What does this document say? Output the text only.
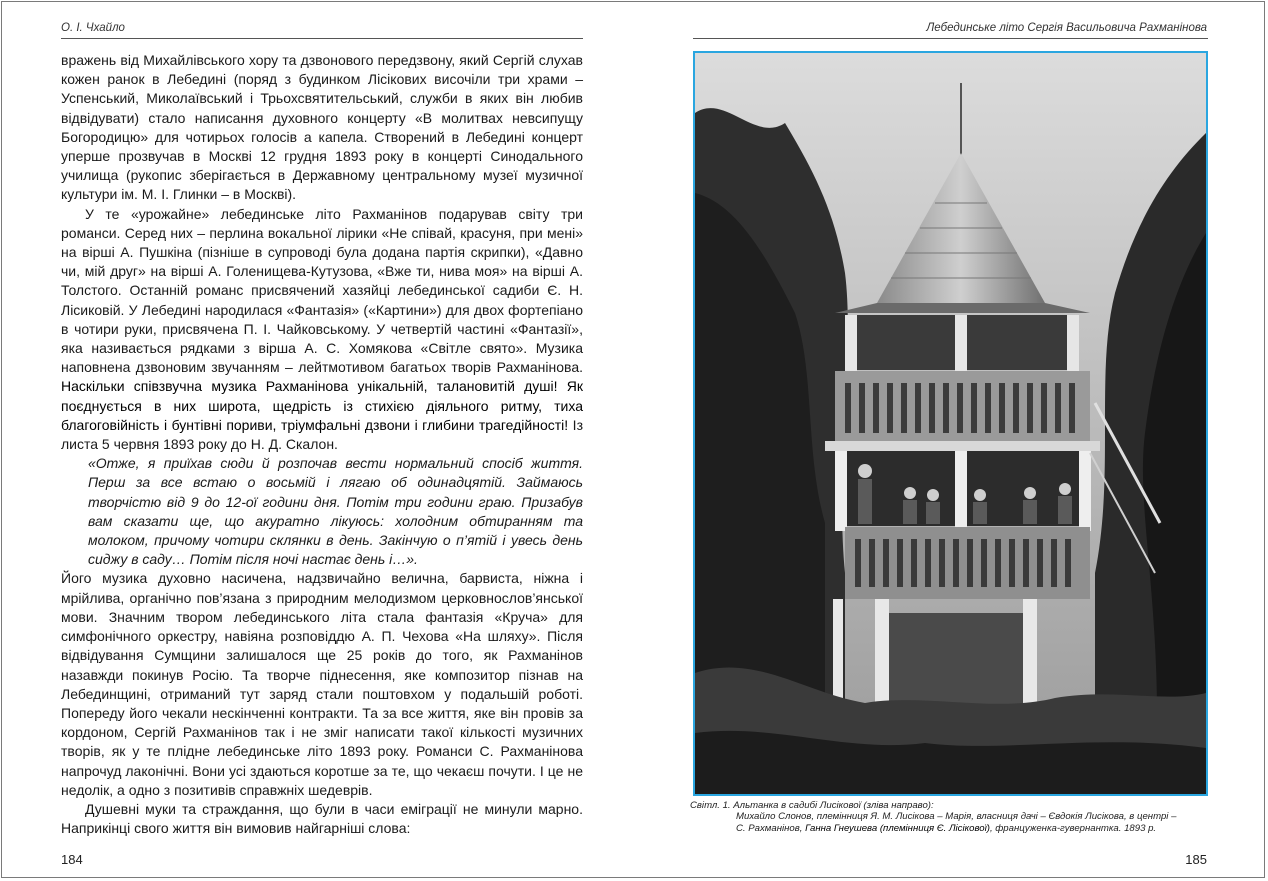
О. І. Чхайло

вражень від Михайлівського хору та дзвонового передзвону, який Сергій слухав кожен ранок в Лебедині (поряд з будинком Лісікових височіли три храми – Успенський, Миколаївський і Трьохсвятительський, служби в яких він любив відвідувати) стало написання духовного концерту «В молитвах невсипущу Богородицю» для чотирьох голосів а капела. Створений в Лебедині концерт уперше прозвучав в Москві 12 грудня 1893 року в концерті Синодального училища (рукопис зберігається в Державному центральному музеї музичної культури ім. М. І. Глинки – в Москві).

У те «урожайне» лебединське літо Рахманінов подарував світу три романси. Серед них – перлина вокальної лірики «Не співай, красуня, при мені» на вірші А. Пушкіна (пізніше в супроводі була додана партія скрипки), «Давно чи, мій друг» на вірші А. Голенищева-Кутузова, «Вже ти, нива моя» на вірші А. Толстого. Останній романс присвячений хазяйці лебединської садиби Є. Н. Лісиковій. У Лебедині народилася «Фантазія» («Картини») для двох фортепіано в чотири руки, присвячена П. І. Чайковському. У четвертій частині «Фантазії», яка називається рядками з вірша А. С. Хомякова «Світле свято». Музика наповнена дзвоновим звучанням – лейтмотивом багатьох творів Рахманінова. Наскільки співзвучна музика Рахманінова унікальній, талановитій душі! Як поєднується в них широта, щедрість із стихією діяльного ритму, тиха благоговійність і бунтівні пориви, тріумфальні дзвони і глибини трагедійності! Із листа 5 червня 1893 року до Н. Д. Скалон.

«Отже, я приїхав сюди й розпочав вести нормальний спосіб життя. Перш за все встаю о восьмій і лягаю об одинадцятій. Займаюсь творчістю від 9 до 12-ої години дня. Потім три години граю. Призабув вам сказати ще, що акуратно лікуюсь: холодним обтиранням та молоком, причому чотири склянки в день. Закінчую о п’ятій і увесь день сиджу в саду… Потім після ночі настає день і…».

Його музика духовно насичена, надзвичайно велична, барвиста, ніжна і мрійлива, органічно пов’язана з природним мелодизмом церковнослов’янської мови. Значним твором лебединського літа стала фантазія «Круча» для симфонічного оркестру, навіяна розповіддю А. П. Чехова «На шляху». Після відвідування Сумщини залишалося ще 25 років до того, як Рахманінов назавжди покинув Росію. Та творче піднесення, яке композитор пізнав на Лебединщині, отриманий тут заряд стали поштовхом у подальшій роботі. Попереду його чекали нескінченні контракти. Та за все життя, яке він провів за кордоном, Сергій Рахманінов так і не зміг написати такої кількості музичних творів, як у те плідне лебединське літо 1893 року. Романси С. Рахманінова напрочуд лаконічні. Вони усі здаються коротше за те, що чекаєш почути. І це не недолік, а одно з позитивів справжніх шедеврів.

Душевні муки та страждання, що були в часи еміграції не минули марно. Наприкінці свого життя він вимовив найгарніші слова:

184
Лебединське літо Сергія Васильовича Рахманінова
Світл. 1. Альтанка в садибі Лисікової (зліва направо):
Михайло Слонов, племінниця Я. М. Лисікова – Марія, власниця дачі – Євдокія Лисікова, в центрі –
С. Рахманінов, Ганна Гнеушева (племінниця Є. Лісікової), француженка-гувернантка. 1893 р.
185
